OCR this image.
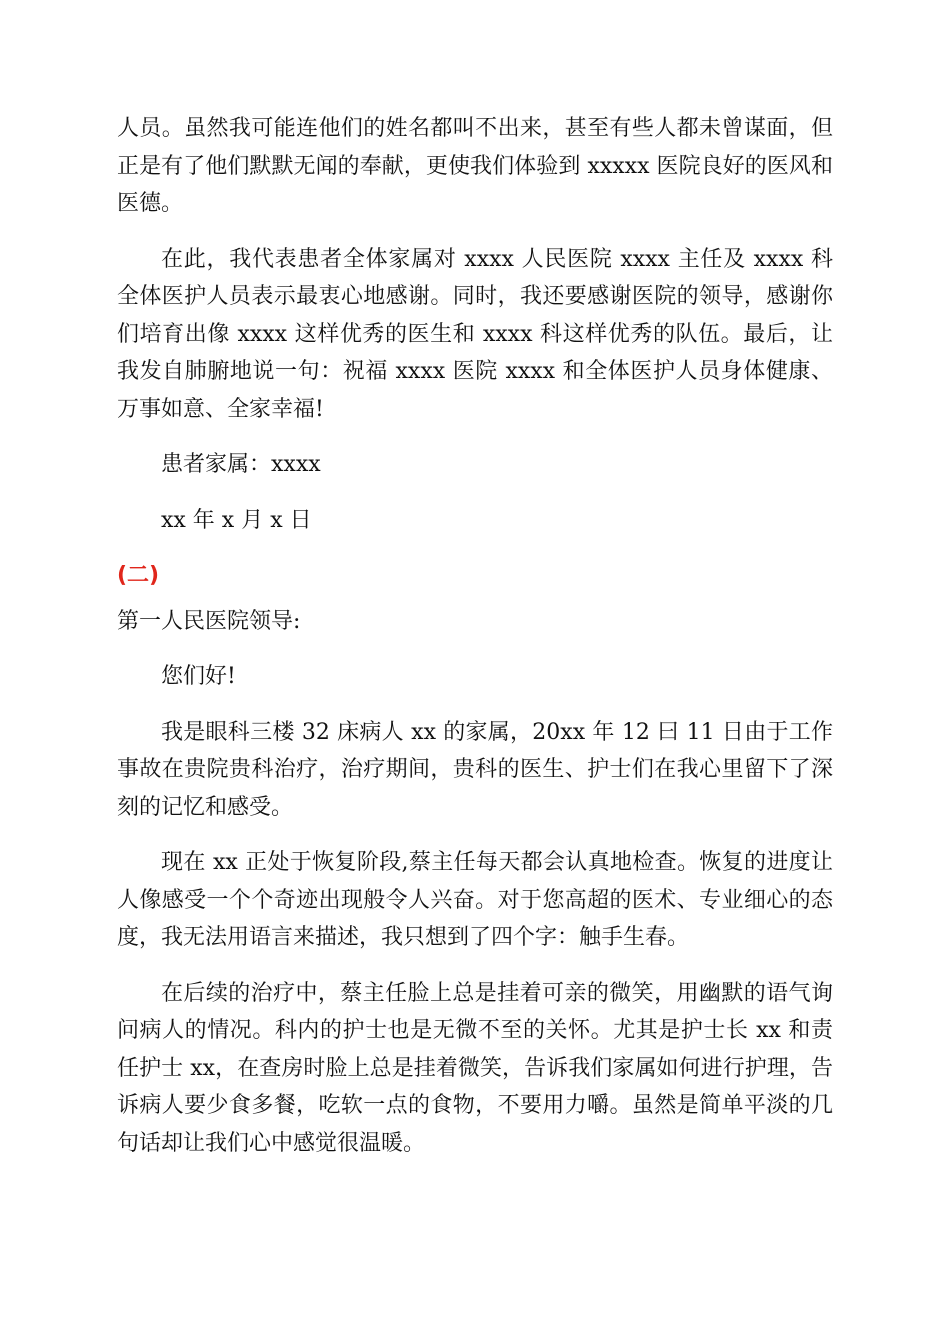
人员。虽然我可能连他们的姓名都叫不出来，甚至有些人都未曾谋面，但正是有了他们默默无闻的奉献，更使我们体验到 xxxxx 医院良好的医风和医德。

在此，我代表患者全体家属对 xxxx 人民医院 xxxx 主任及 xxxx 科全体医护人员表示最衷心地感谢。同时，我还要感谢医院的领导，感谢你们培育出像 xxxx 这样优秀的医生和 xxxx 科这样优秀的队伍。最后，让我发自肺腑地说一句：祝福 xxxx 医院 xxxx 和全体医护人员身体健康、万事如意、全家幸福!

患者家属：xxxx

xx 年 x 月 x 日

(二)

第一人民医院领导:

您们好!

我是眼科三楼 32 床病人 xx 的家属，20xx 年 12 曰 11 日由于工作事故在贵院贵科治疗，治疗期间，贵科的医生、护士们在我心里留下了深刻的记忆和感受。

现在 xx 正处于恢复阶段,蔡主任每天都会认真地检查。恢复的进度让人像感受一个个奇迹出现般令人兴奋。对于您高超的医术、专业细心的态度，我无法用语言来描述，我只想到了四个字：触手生春。

在后续的治疗中，蔡主任脸上总是挂着可亲的微笑，用幽默的语气询问病人的情况。科内的护士也是无微不至的关怀。尤其是护士长 xx 和责任护士 xx，在查房时脸上总是挂着微笑，告诉我们家属如何进行护理，告诉病人要少食多餐，吃软一点的食物，不要用力嚼。虽然是简单平淡的几句话却让我们心中感觉很温暖。
